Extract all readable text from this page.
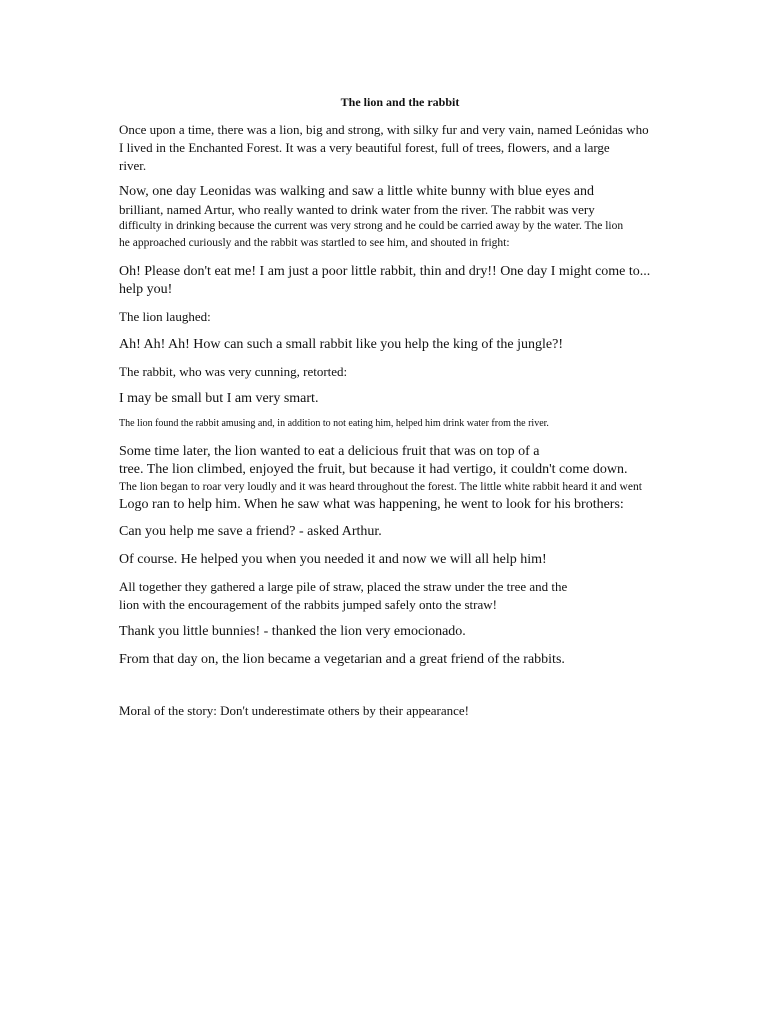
The lion and the rabbit
Once upon a time, there was a lion, big and strong, with silky fur and very vain, named Leónidas who
I lived in the Enchanted Forest. It was a very beautiful forest, full of trees, flowers, and a large
river.
Now, one day Leonidas was walking and saw a little white bunny with blue eyes and
brilliant, named Artur, who really wanted to drink water from the river. The rabbit was very
difficulty in drinking because the current was very strong and he could be carried away by the water. The lion
he approached curiously and the rabbit was startled to see him, and shouted in fright:
Oh! Please don't eat me! I am just a poor little rabbit, thin and dry!! One day I might come to...
help you!
The lion laughed:
Ah! Ah! Ah! How can such a small rabbit like you help the king of the jungle?!
The rabbit, who was very cunning, retorted:
I may be small but I am very smart.
The lion found the rabbit amusing and, in addition to not eating him, helped him drink water from the river.
Some time later, the lion wanted to eat a delicious fruit that was on top of a
tree. The lion climbed, enjoyed the fruit, but because it had vertigo, it couldn't come down.
The lion began to roar very loudly and it was heard throughout the forest. The little white rabbit heard it and went
Logo ran to help him. When he saw what was happening, he went to look for his brothers:
Can you help me save a friend? - asked Arthur.
Of course. He helped you when you needed it and now we will all help him!
All together they gathered a large pile of straw, placed the straw under the tree and the
lion with the encouragement of the rabbits jumped safely onto the straw!
Thank you little bunnies! - thanked the lion very emocionado.
From that day on, the lion became a vegetarian and a great friend of the rabbits.
Moral of the story: Don't underestimate others by their appearance!
